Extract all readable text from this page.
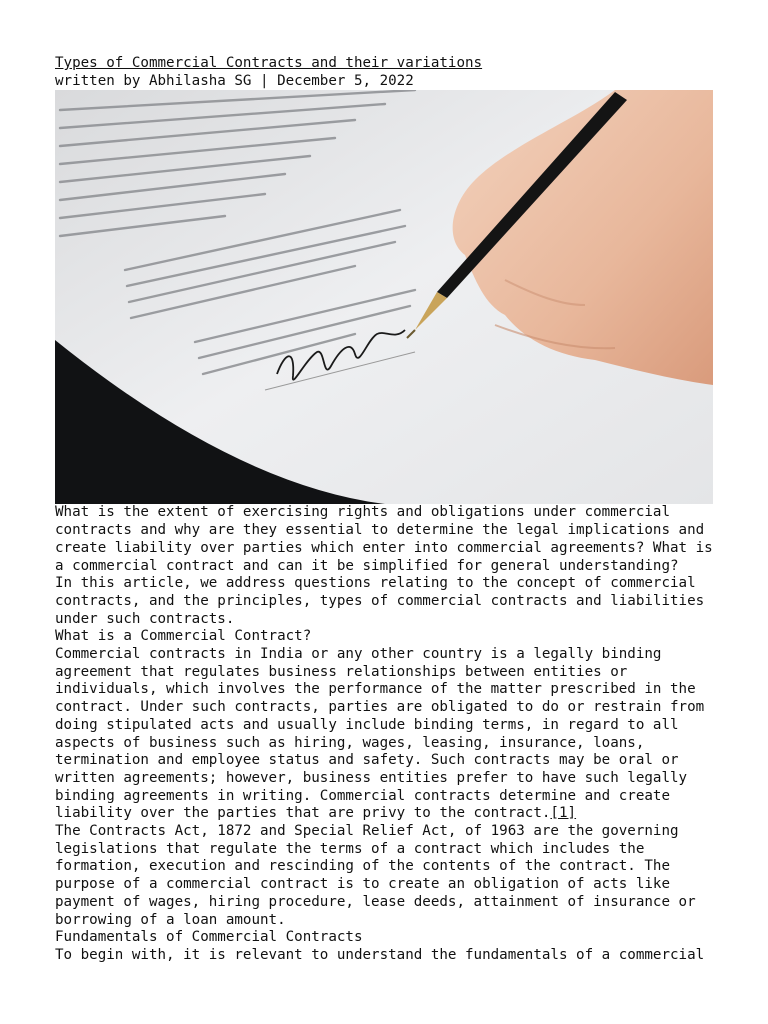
Types of Commercial Contracts and their variations
written by Abhilasha SG | December 5, 2022

What is the extent of exercising rights and obligations under commercial

contracts and why are they essential to determine the legal implications and

create liability over parties which enter into commercial agreements? What is

a commercial contract and can it be simplified for general understanding?

In this article, we address questions relating to the concept of commercial

contracts, and the principles, types of commercial contracts and liabilities

under such contracts.

What is a Commercial Contract?

Commercial contracts in India or any other country is a legally binding

agreement that regulates business relationships between entities or

individuals, which involves the performance of the matter prescribed in the

contract. Under such contracts, parties are obligated to do or restrain from

doing stipulated acts and usually include binding terms, in regard to all

aspects of business such as hiring, wages, leasing, insurance, loans,

termination and employee status and safety. Such contracts may be oral or

written agreements; however, business entities prefer to have such legally

binding agreements in writing. Commercial contracts determine and create

liability over the parties that are privy to the contract.[1]

The Contracts Act, 1872 and Special Relief Act, of 1963 are the governing

legislations that regulate the terms of a contract which includes the

formation, execution and rescinding of the contents of the contract. The

purpose of a commercial contract is to create an obligation of acts like

payment of wages, hiring procedure, lease deeds, attainment of insurance or

borrowing of a loan amount.

Fundamentals of Commercial Contracts

To begin with, it is relevant to understand the fundamentals of a commercial
